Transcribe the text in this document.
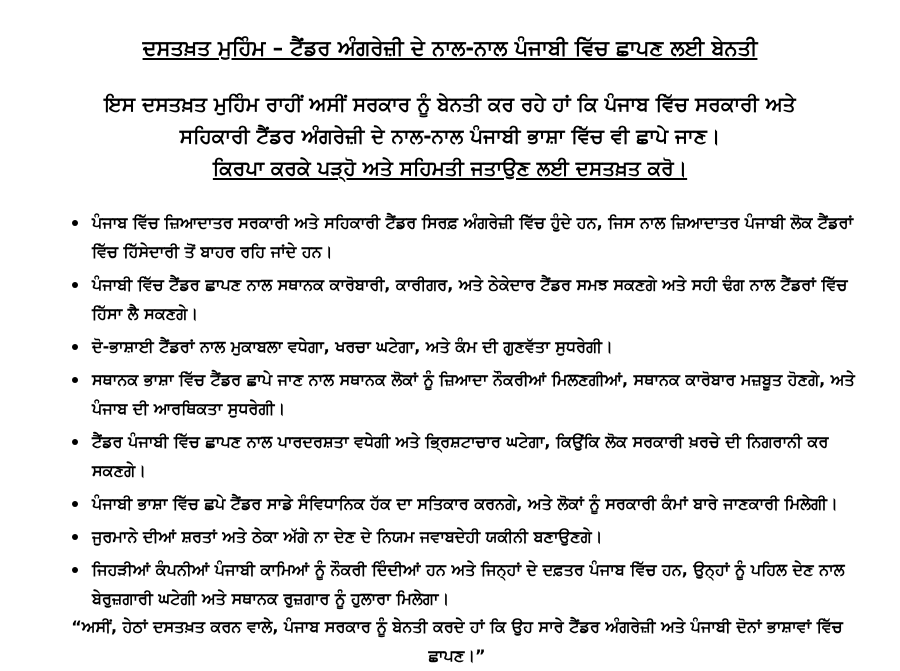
ਦਸਤਖ਼ਤ ਮੁਹਿੰਮ – ਟੈਂਡਰ ਅੰਗਰੇਜ਼ੀ ਦੇ ਨਾਲ-ਨਾਲ ਪੰਜਾਬੀ ਵਿੱਚ ਛਾਪਣ ਲਈ ਬੇਨਤੀ
ਇਸ ਦਸਤਖ਼ਤ ਮੁਹਿੰਮ ਰਾਹੀਂ ਅਸੀਂ ਸਰਕਾਰ ਨੂੰ ਬੇਨਤੀ ਕਰ ਰਹੇ ਹਾਂ ਕਿ ਪੰਜਾਬ ਵਿੱਚ ਸਰਕਾਰੀ ਅਤੇ
ਸਹਿਕਾਰੀ ਟੈਂਡਰ ਅੰਗਰੇਜ਼ੀ ਦੇ ਨਾਲ-ਨਾਲ ਪੰਜਾਬੀ ਭਾਸ਼ਾ ਵਿੱਚ ਵੀ ਛਾਪੇ ਜਾਣ।
ਕਿਰਪਾ ਕਰਕੇ ਪੜ੍ਹੋ ਅਤੇ ਸਹਿਮਤੀ ਜਤਾਉਣ ਲਈ ਦਸਤਖ਼ਤ ਕਰੋ।
ਪੰਜਾਬ ਵਿੱਚ ਜ਼ਿਆਦਾਤਰ ਸਰਕਾਰੀ ਅਤੇ ਸਹਿਕਾਰੀ ਟੈਂਡਰ ਸਿਰਫ਼ ਅੰਗਰੇਜ਼ੀ ਵਿੱਚ ਹੁੰਦੇ ਹਨ, ਜਿਸ ਨਾਲ ਜ਼ਿਆਦਾਤਰ ਪੰਜਾਬੀ ਲੋਕ ਟੈਂਡਰਾਂ ਵਿੱਚ ਹਿੱਸੇਦਾਰੀ ਤੋਂ ਬਾਹਰ ਰਹਿ ਜਾਂਦੇ ਹਨ।
ਪੰਜਾਬੀ ਵਿੱਚ ਟੈਂਡਰ ਛਾਪਣ ਨਾਲ ਸਥਾਨਕ ਕਾਰੋਬਾਰੀ, ਕਾਰੀਗਰ, ਅਤੇ ਠੇਕੇਦਾਰ ਟੈਂਡਰ ਸਮਝ ਸਕਣਗੇ ਅਤੇ ਸਹੀ ਢੰਗ ਨਾਲ ਟੈਂਡਰਾਂ ਵਿੱਚ ਹਿੱਸਾ ਲੈ ਸਕਣਗੇ।
ਦੋ-ਭਾਸ਼ਾਈ ਟੈਂਡਰਾਂ ਨਾਲ ਮੁਕਾਬਲਾ ਵਧੇਗਾ, ਖਰਚਾ ਘਟੇਗਾ, ਅਤੇ ਕੰਮ ਦੀ ਗੁਣਵੱਤਾ ਸੁਧਰੇਗੀ।
ਸਥਾਨਕ ਭਾਸ਼ਾ ਵਿੱਚ ਟੈਂਡਰ ਛਾਪੇ ਜਾਣ ਨਾਲ ਸਥਾਨਕ ਲੋਕਾਂ ਨੂੰ ਜ਼ਿਆਦਾ ਨੌਕਰੀਆਂ ਮਿਲਣਗੀਆਂ, ਸਥਾਨਕ ਕਾਰੋਬਾਰ ਮਜ਼ਬੂਤ ਹੋਣਗੇ, ਅਤੇ ਪੰਜਾਬ ਦੀ ਆਰਥਿਕਤਾ ਸੁਧਰੇਗੀ।
ਟੈਂਡਰ ਪੰਜਾਬੀ ਵਿੱਚ ਛਾਪਣ ਨਾਲ ਪਾਰਦਰਸ਼ਤਾ ਵਧੇਗੀ ਅਤੇ ਭ੍ਰਿਸ਼ਟਾਚਾਰ ਘਟੇਗਾ, ਕਿਉਂਕਿ ਲੋਕ ਸਰਕਾਰੀ ਖ਼ਰਚੇ ਦੀ ਨਿਗਰਾਨੀ ਕਰ ਸਕਣਗੇ।
ਪੰਜਾਬੀ ਭਾਸ਼ਾ ਵਿੱਚ ਛਪੇ ਟੈਂਡਰ ਸਾਡੇ ਸੰਵਿਧਾਨਿਕ ਹੱਕ ਦਾ ਸਤਿਕਾਰ ਕਰਨਗੇ, ਅਤੇ ਲੋਕਾਂ ਨੂੰ ਸਰਕਾਰੀ ਕੰਮਾਂ ਬਾਰੇ ਜਾਣਕਾਰੀ ਮਿਲੇਗੀ।
ਜੁਰਮਾਨੇ ਦੀਆਂ ਸ਼ਰਤਾਂ ਅਤੇ ਠੇਕਾ ਅੱਗੇ ਨਾ ਦੇਣ ਦੇ ਨਿਯਮ ਜਵਾਬਦੇਹੀ ਯਕੀਨੀ ਬਣਾਉਣਗੇ।
ਜਿਹੜੀਆਂ ਕੰਪਨੀਆਂ ਪੰਜਾਬੀ ਕਾਮਿਆਂ ਨੂੰ ਨੌਕਰੀ ਦਿੰਦੀਆਂ ਹਨ ਅਤੇ ਜਿਨ੍ਹਾਂ ਦੇ ਦਫ਼ਤਰ ਪੰਜਾਬ ਵਿੱਚ ਹਨ, ਉਨ੍ਹਾਂ ਨੂੰ ਪਹਿਲ ਦੇਣ ਨਾਲ ਬੇਰੁਜ਼ਗਾਰੀ ਘਟੇਗੀ ਅਤੇ ਸਥਾਨਕ ਰੁਜ਼ਗਾਰ ਨੂੰ ਹੁਲਾਰਾ ਮਿਲੇਗਾ।
“ਅਸੀਂ, ਹੇਠਾਂ ਦਸਤਖ਼ਤ ਕਰਨ ਵਾਲੇ, ਪੰਜਾਬ ਸਰਕਾਰ ਨੂੰ ਬੇਨਤੀ ਕਰਦੇ ਹਾਂ ਕਿ ਉਹ ਸਾਰੇ ਟੈਂਡਰ ਅੰਗਰੇਜ਼ੀ ਅਤੇ ਪੰਜਾਬੀ ਦੋਨਾਂ ਭਾਸ਼ਾਵਾਂ ਵਿੱਚ ਛਾਪਣ।”
